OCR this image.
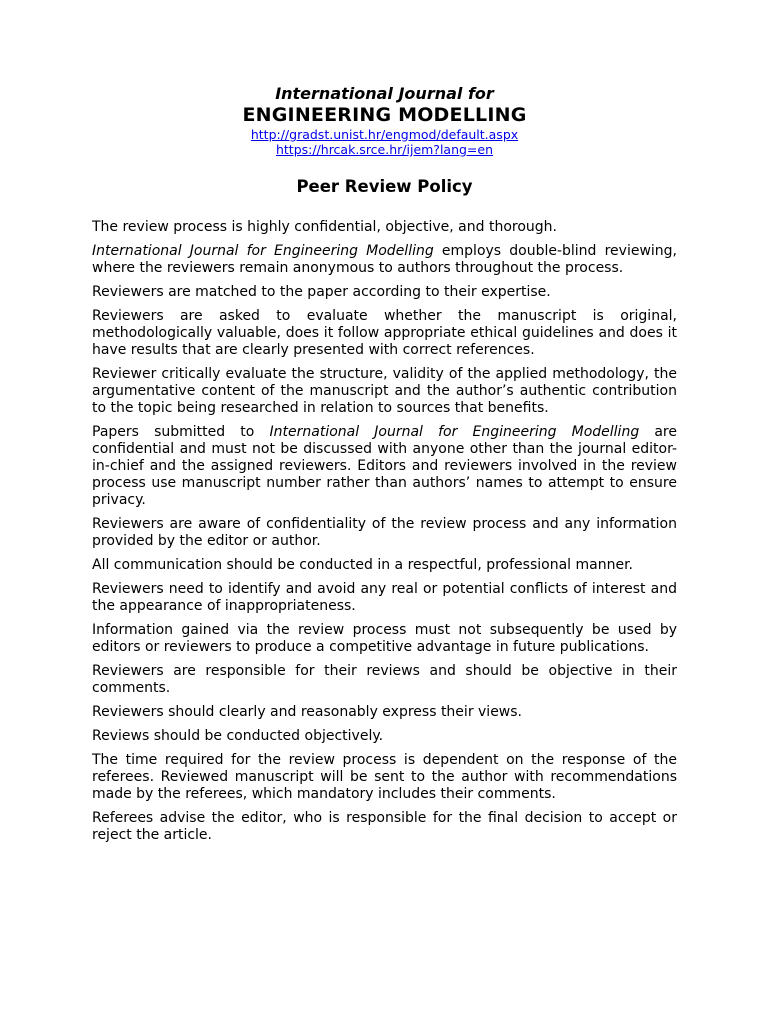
International Journal for
ENGINEERING MODELLING
http://gradst.unist.hr/engmod/default.aspx
https://hrcak.srce.hr/ijem?lang=en
Peer Review Policy

The review process is highly confidential, objective, and thorough.

International Journal for Engineering Modelling employs double-blind reviewing, where the reviewers remain anonymous to authors throughout the process.

Reviewers are matched to the paper according to their expertise.

Reviewers are asked to evaluate whether the manuscript is original, methodologically valuable, does it follow appropriate ethical guidelines and does it have results that are clearly presented with correct references.

Reviewer critically evaluate the structure, validity of the applied methodology, the argumentative content of the manuscript and the author’s authentic contribution to the topic being researched in relation to sources that benefits.

Papers submitted to International Journal for Engineering Modelling are confidential and must not be discussed with anyone other than the journal editor-in-chief and the assigned reviewers. Editors and reviewers involved in the review process use manuscript number rather than authors’ names to attempt to ensure privacy.

Reviewers are aware of confidentiality of the review process and any information provided by the editor or author.

All communication should be conducted in a respectful, professional manner.

Reviewers need to identify and avoid any real or potential conflicts of interest and the appearance of inappropriateness.

Information gained via the review process must not subsequently be used by editors or reviewers to produce a competitive advantage in future publications.

Reviewers are responsible for their reviews and should be objective in their comments.

Reviewers should clearly and reasonably express their views.

Reviews should be conducted objectively.

The time required for the review process is dependent on the response of the referees. Reviewed manuscript will be sent to the author with recommendations made by the referees, which mandatory includes their comments.

Referees advise the editor, who is responsible for the final decision to accept or reject the article.
